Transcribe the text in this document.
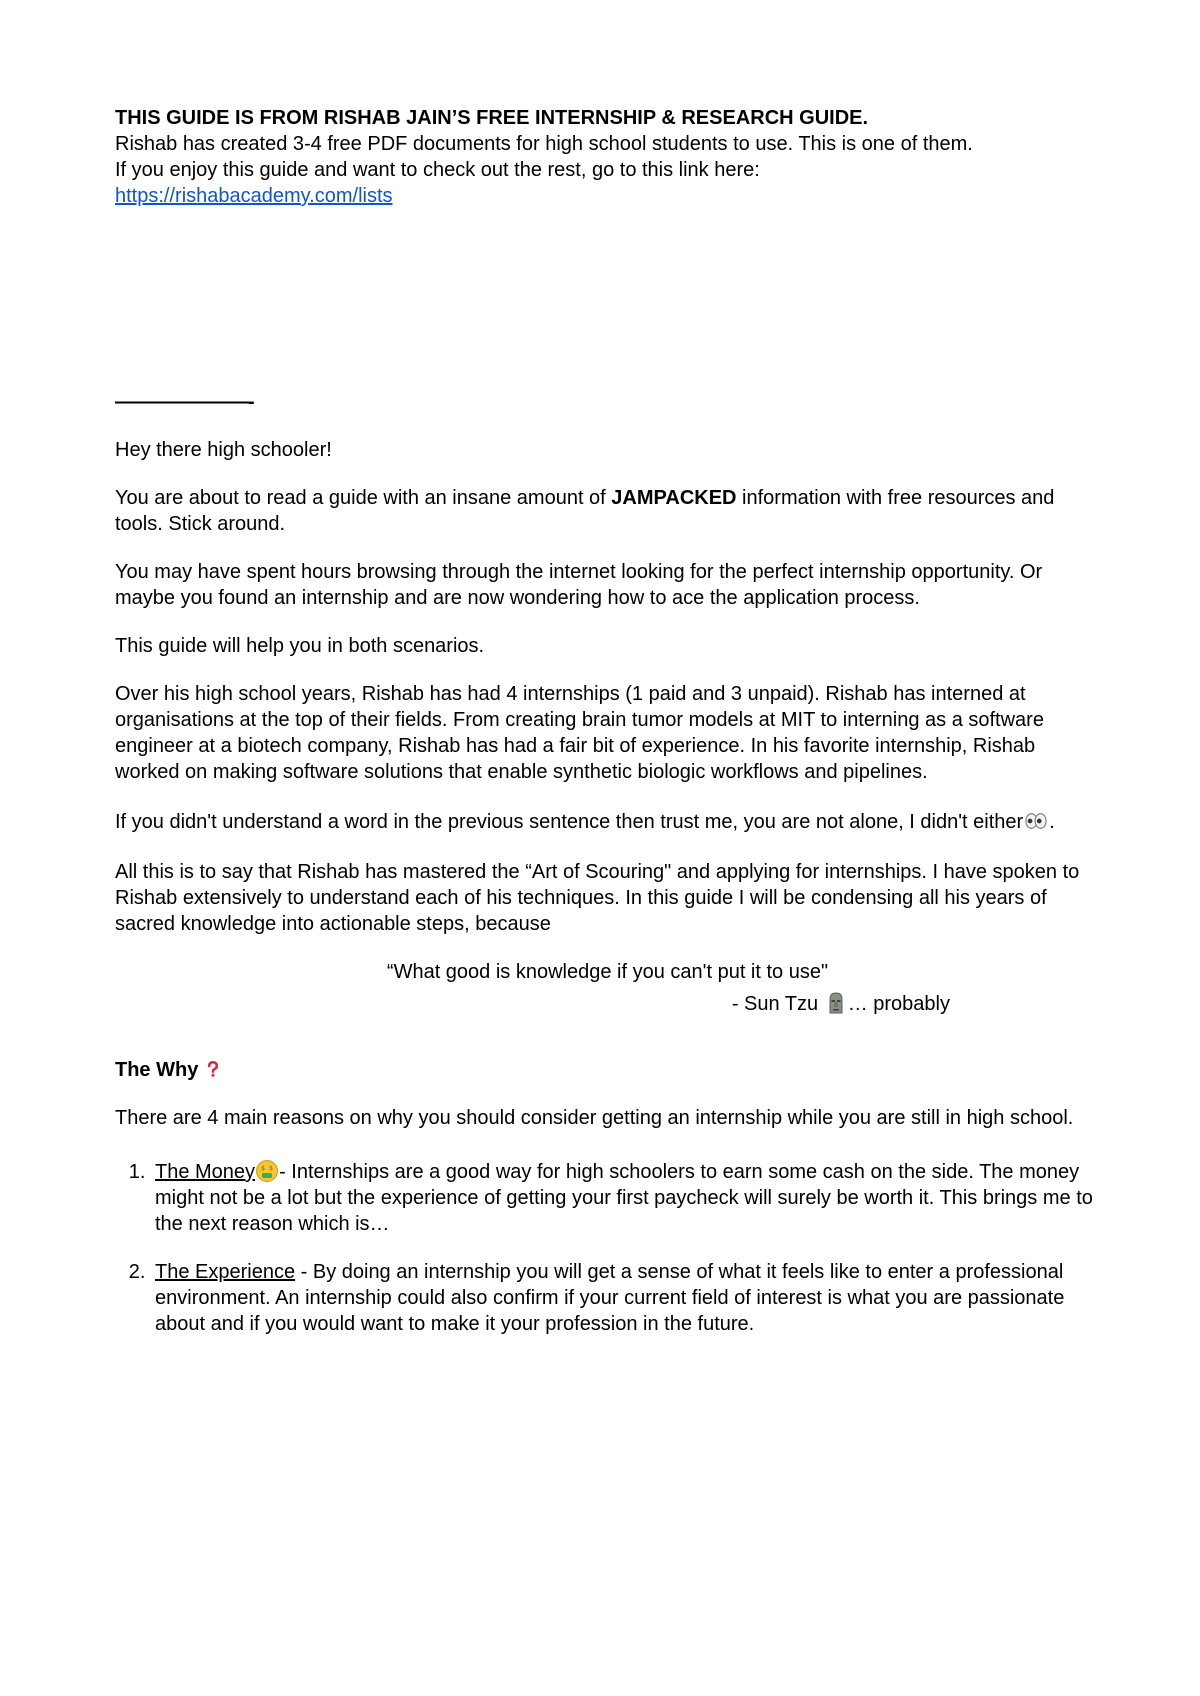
THIS GUIDE IS FROM RISHAB JAIN’S FREE INTERNSHIP & RESEARCH GUIDE.

Rishab has created 3-4 free PDF documents for high school students to use. This is one of them.

If you enjoy this guide and want to check out the rest, go to this link here:

https://rishabacademy.com/lists

———————-

Hey there high schooler!

You are about to read a guide with an insane amount of JAMPACKED information with free resources and tools. Stick around.

You may have spent hours browsing through the internet looking for the perfect internship opportunity. Or maybe you found an internship and are now wondering how to ace the application process.

This guide will help you in both scenarios.

Over his high school years, Rishab has had 4 internships (1 paid and 3 unpaid). Rishab has interned at organisations at the top of their fields. From creating brain tumor models at MIT to interning as a software engineer at a biotech company, Rishab has had a fair bit of experience. In his favorite internship, Rishab worked on making software solutions that enable synthetic biologic workflows and pipelines.

If you didn't understand a word in the previous sentence then trust me, you are not alone, I didn't either .

All this is to say that Rishab has mastered the “Art of Scouring" and applying for internships. I have spoken to Rishab extensively to understand each of his techniques. In this guide I will be condensing all his years of sacred knowledge into actionable steps, because

“What good is knowledge if you can't put it to use"

- Sun Tzu … probably

The Why

There are 4 main reasons on why you should consider getting an internship while you are still in high school.

1. The Money $ $ - Internships are a good way for high schoolers to earn some cash on the side. The money might not be a lot but the experience of getting your first paycheck will surely be worth it. This brings me to the next reason which is…
2. The Experience - By doing an internship you will get a sense of what it feels like to enter a professional environment. An internship could also confirm if your current field of interest is what you are passionate about and if you would want to make it your profession in the future.
